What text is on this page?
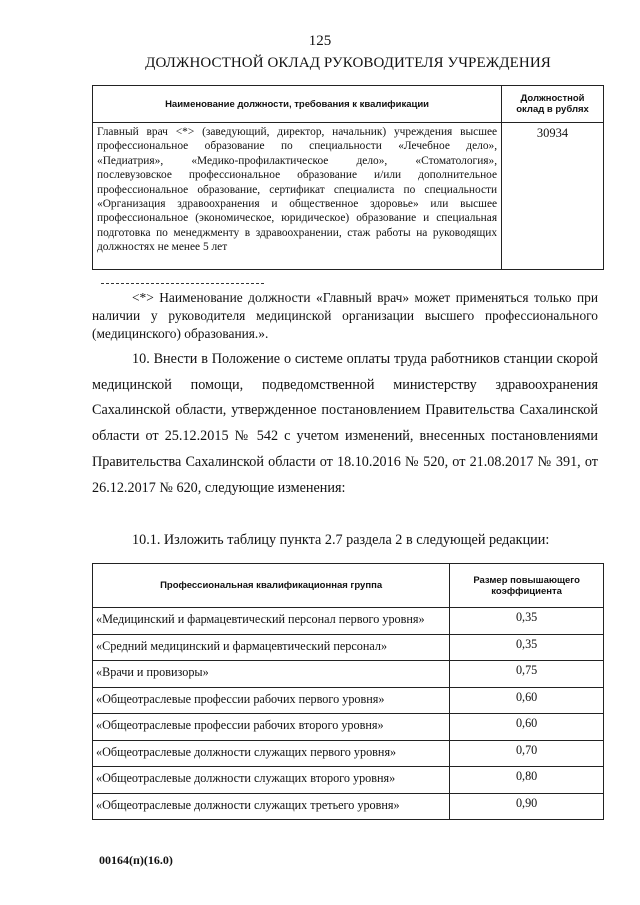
125
ДОЛЖНОСТНОЙ ОКЛАД РУКОВОДИТЕЛЯ УЧРЕЖДЕНИЯ
Наименование должности, требования к квалификации	Должностной оклад в рублях
Главный врач <*> (заведующий, директор, начальник) учреждения высшее профессиональное образование по специальности «Лечебное дело», «Педиатрия», «Медико-профилактическое дело», «Стоматология», послевузовское профессиональное образование и/или дополнительное профессиональное образование, сертификат специалиста по специальности «Организация здравоохранения и общественное здоровье» или высшее профессиональное (экономическое, юридическое) образование и специальная подготовка по менеджменту в здравоохранении, стаж работы на руководящих должностях не менее 5 лет	30934
<*> Наименование должности «Главный врач» может применяться только при наличии у руководителя медицинской организации высшего профессионального (медицинского) образования.».
10. Внести в Положение о системе оплаты труда работников станции скорой медицинской помощи, подведомственной министерству здравоохранения Сахалинской области, утвержденное постановлением Правительства Сахалинской области от 25.12.2015 № 542 с учетом изменений, внесенных постановлениями Правительства Сахалинской области от 18.10.2016 № 520, от 21.08.2017 № 391, от 26.12.2017 № 620, следующие изменения:
10.1. Изложить таблицу пункта 2.7 раздела 2 в следующей редакции:
Профессиональная квалификационная группа	Размер повышающего коэффициента
«Медицинский и фармацевтический персонал первого уровня»	0,35
«Средний медицинский и фармацевтический персонал»	0,35
«Врачи и провизоры»	0,75
«Общеотраслевые профессии рабочих первого уровня»	0,60
«Общеотраслевые профессии рабочих второго уровня»	0,60
«Общеотраслевые должности служащих первого уровня»	0,70
«Общеотраслевые должности служащих второго уровня»	0,80
«Общеотраслевые должности служащих третьего уровня»	0,90
00164(п)(16.0)
